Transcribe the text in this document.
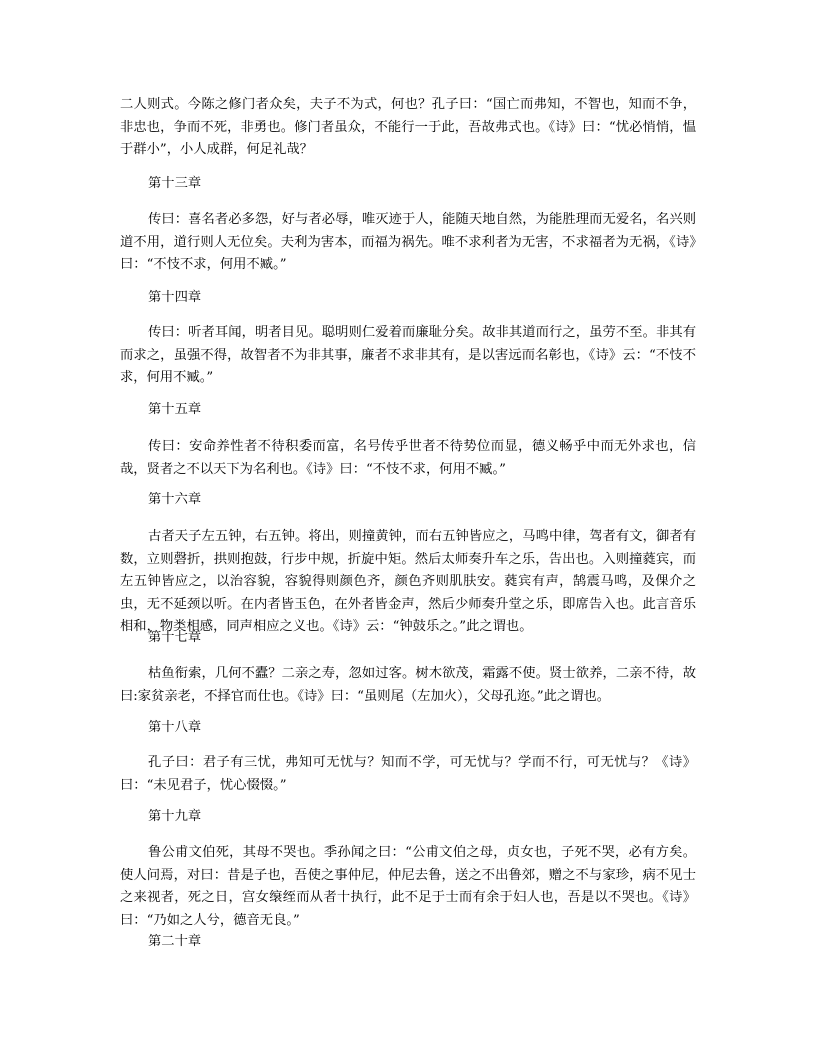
二人则式。今陈之修门者众矣，夫子不为式，何也？孔子曰：“国亡而弗知，不智也，知而不争，非忠也，争而不死，非勇也。修门者虽众，不能行一于此，吾故弗式也。《诗》曰：“忧必悄悄，愠于群小”，小人成群，何足礼哉？

第十三章

传曰：喜名者必多怨，好与者必辱，唯灭迹于人，能随天地自然，为能胜理而无爱名，名兴则道不用，道行则人无位矣。夫利为害本，而福为祸先。唯不求利者为无害，不求福者为无祸，《诗》曰：“不忮不求，何用不臧。”

第十四章

传曰：听者耳闻，明者目见。聪明则仁爱着而廉耻分矣。故非其道而行之，虽劳不至。非其有而求之，虽强不得，故智者不为非其事，廉者不求非其有，是以害远而名彰也，《诗》云：“不忮不求，何用不臧。”

第十五章

传曰：安命养性者不待积委而富，名号传乎世者不待势位而显，德义畅乎中而无外求也，信哉，贤者之不以天下为名利也。《诗》曰：“不忮不求，何用不臧。”

第十六章

古者天子左五钟，右五钟。将出，则撞黄钟，而右五钟皆应之，马鸣中律，驾者有文，御者有数，立则磬折，拱则抱鼓，行步中规，折旋中矩。然后太师奏升车之乐，告出也。入则撞蕤宾，而左五钟皆应之，以治容貌，容貌得则颜色齐，颜色齐则肌肤安。蕤宾有声，鹄震马鸣，及倮介之虫，无不延颈以听。在内者皆玉色，在外者皆金声，然后少师奏升堂之乐，即席告入也。此言音乐相和，物类相感，同声相应之义也。《诗》云：“钟鼓乐之。”此之谓也。

第十七章

枯鱼衔索，几何不蠹？二亲之寿，忽如过客。树木欲茂，霜露不使。贤士欲养，二亲不待，故曰:家贫亲老，不择官而仕也。《诗》曰：“虽则尾（左加火），父母孔迩。”此之谓也。

第十八章

孔子曰：君子有三忧，弗知可无忧与？知而不学，可无忧与？学而不行，可无忧与？《诗》曰：“未见君子，忧心惙惙。”

第十九章

鲁公甫文伯死，其母不哭也。季孙闻之曰：“公甫文伯之母，贞女也，子死不哭，必有方矣。使人问焉，对曰：昔是子也，吾使之事仲尼，仲尼去鲁，送之不出鲁郊，赠之不与家珍，病不见士之来视者，死之日，宫女缞绖而从者十执行，此不足于士而有余于妇人也，吾是以不哭也。《诗》曰：“乃如之人兮，德音无良。”

第二十章
